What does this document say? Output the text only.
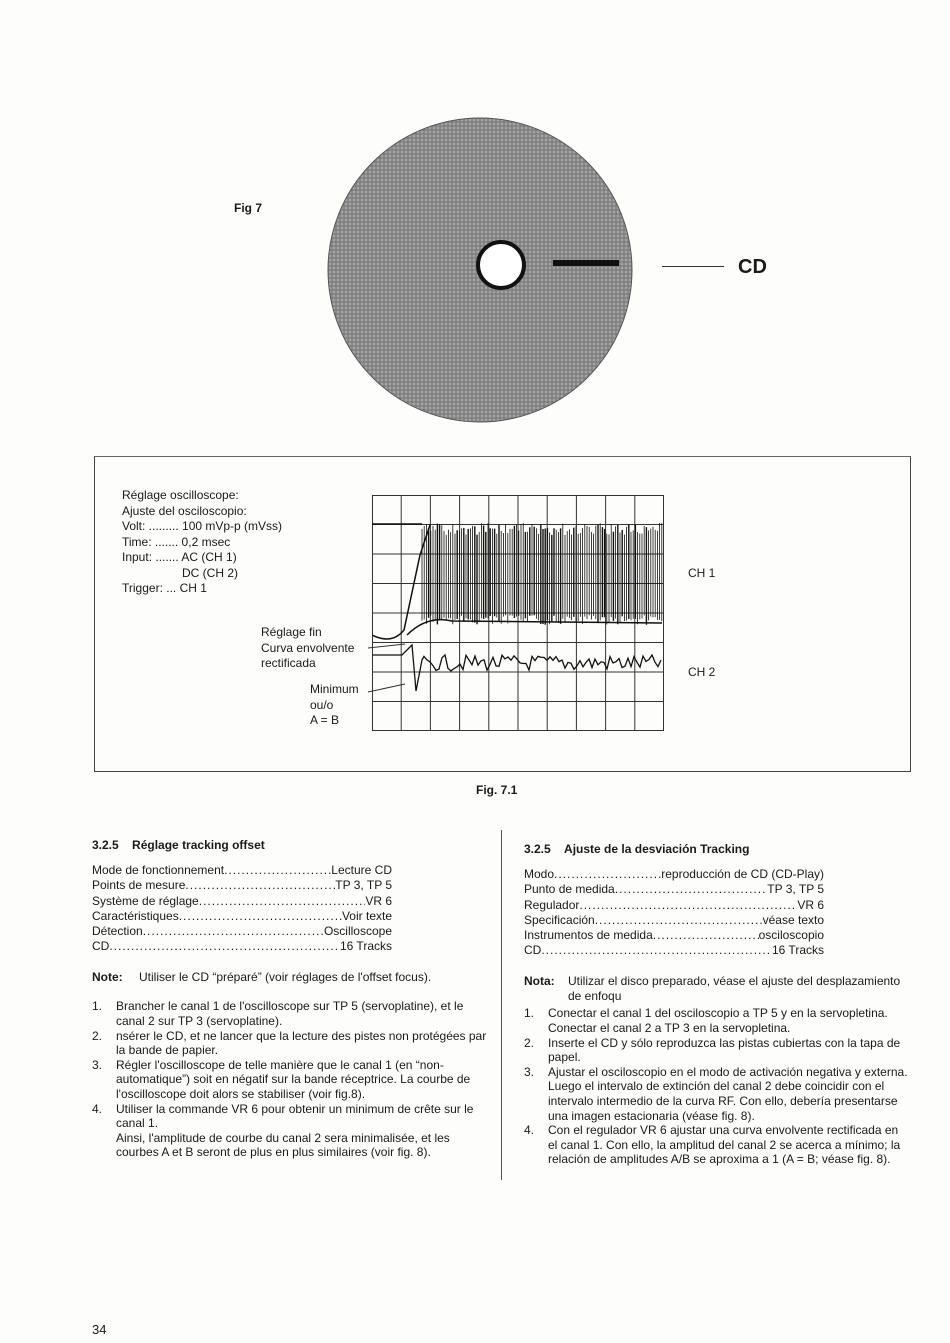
Fig 7
CD
Réglage oscilloscope:
Ajuste del osciloscopio:
Volt: ......... 100 mVp-p (mVss)
Time: ....... 0,2 msec
Input: ....... AC (CH 1)
DC (CH 2)
Trigger: ... CH 1
Réglage fin
Curva envolvente
rectificada
Minimum
ou/o
A = B
CH 1
CH 2
Fig. 7.1
3.2.5 Réglage tracking offset
Mode de fonctionnement .....	Lecture CD
Points de mesure .....	TP 3, TP 5
Système de réglage .....	VR 6
Caractéristiques .....	Voir texte
Détection .....	Oscilloscope
CD .....	16 Tracks
Note:	Utiliser le CD “préparé” (voir réglages de l'offset focus).
1. Brancher le canal 1 de l'oscilloscope sur TP 5 (servoplatine), et le canal 2 sur TP 3 (servoplatine).
2. nsérer le CD, et ne lancer que la lecture des pistes non protégées par la bande de papier.
3. Régler l'oscilloscope de telle manière que le canal 1 (en “non-automatique”) soit en négatif sur la bande réceptrice. La courbe de l'oscilloscope doit alors se stabiliser (voir fig.8).
4. Utiliser la commande VR 6 pour obtenir un minimum de crête sur le canal 1.
Ainsi, l'amplitude de courbe du canal 2 sera minimalisée, et les courbes A et B seront de plus en plus similaires (voir fig. 8).
3.2.5 Ajuste de la desviación Tracking
Modo .....	reproducción de CD (CD-Play)
Punto de medida .....	TP 3, TP 5
Regulador .....	VR 6
Specificación .....	véase texto
Instrumentos de medida .....	osciloscopio
CD .....	16 Tracks
Nota:	Utilizar el disco preparado, véase el ajuste del desplazamiento de enfoqu
1. Conectar el canal 1 del osciloscopio a TP 5 y en la servopletina. Conectar el canal 2 a TP 3 en la servopletina.
2. Inserte el CD y sólo reproduzca las pistas cubiertas con la tapa de papel.
3. Ajustar el osciloscopio en el modo de activación negativa y externa. Luego el intervalo de extinción del canal 2 debe coincidir con el intervalo intermedio de la curva RF. Con ello, debería presentarse una imagen estacionaria (véase fig. 8).
4. Con el regulador VR 6 ajustar una curva envolvente rectificada en el canal 1. Con ello, la amplitud del canal 2 se acerca a mínimo; la relación de amplitudes A/B se aproxima a 1 (A = B; véase fig. 8).
34
